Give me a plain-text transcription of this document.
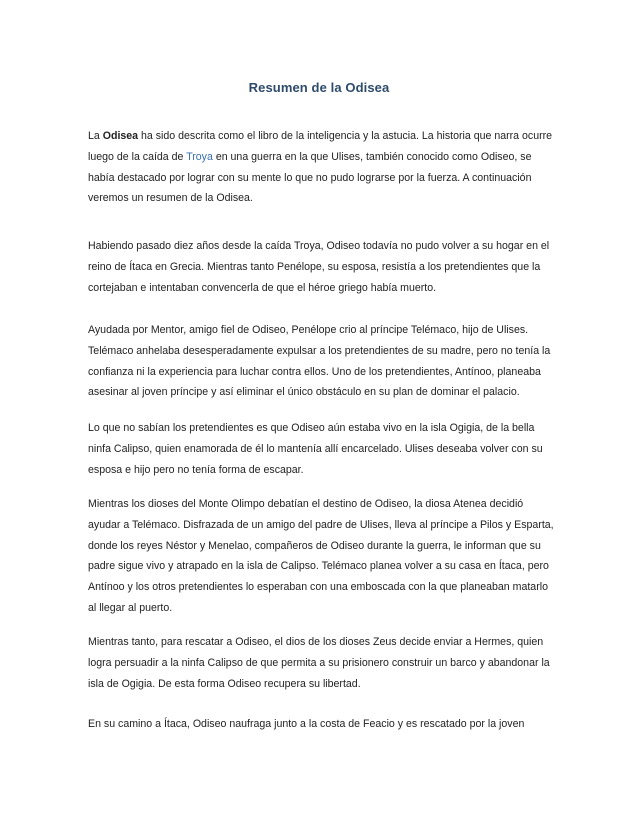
Resumen de la Odisea
La Odisea ha sido descrita como el libro de la inteligencia y la astucia. La historia que narra ocurre
luego de la caída de Troya en una guerra en la que Ulises, también conocido como Odiseo, se
había destacado por lograr con su mente lo que no pudo lograrse por la fuerza. A continuación
veremos un resumen de la Odisea.
Habiendo pasado diez años desde la caída Troya, Odiseo todavía no pudo volver a su hogar en el
reino de Ítaca en Grecia. Mientras tanto Penélope, su esposa, resistía a los pretendientes que la
cortejaban e intentaban convencerla de que el héroe griego había muerto.
Ayudada por Mentor, amigo fiel de Odiseo, Penélope crio al príncipe Telémaco, hijo de Ulises.
Telémaco anhelaba desesperadamente expulsar a los pretendientes de su madre, pero no tenía la
confianza ni la experiencia para luchar contra ellos. Uno de los pretendientes, Antínoo, planeaba
asesinar al joven príncipe y así eliminar el único obstáculo en su plan de dominar el palacio.
Lo que no sabían los pretendientes es que Odiseo aún estaba vivo en la isla Ogigia, de la bella
ninfa Calipso, quien enamorada de él lo mantenía allí encarcelado. Ulises deseaba volver con su
esposa e hijo pero no tenía forma de escapar.
Mientras los dioses del Monte Olimpo debatían el destino de Odiseo, la diosa Atenea decidió
ayudar a Telémaco. Disfrazada de un amigo del padre de Ulises, lleva al príncipe a Pilos y Esparta,
donde los reyes Néstor y Menelao, compañeros de Odiseo durante la guerra, le informan que su
padre sigue vivo y atrapado en la isla de Calipso. Telémaco planea volver a su casa en Ítaca, pero
Antínoo y los otros pretendientes lo esperaban con una emboscada con la que planeaban matarlo
al llegar al puerto.
Mientras tanto, para rescatar a Odiseo, el dios de los dioses Zeus decide enviar a Hermes, quien
logra persuadir a la ninfa Calipso de que permita a su prisionero construir un barco y abandonar la
isla de Ogigia. De esta forma Odiseo recupera su libertad.
En su camino a Ítaca, Odiseo naufraga junto a la costa de Feacio y es rescatado por la joven
